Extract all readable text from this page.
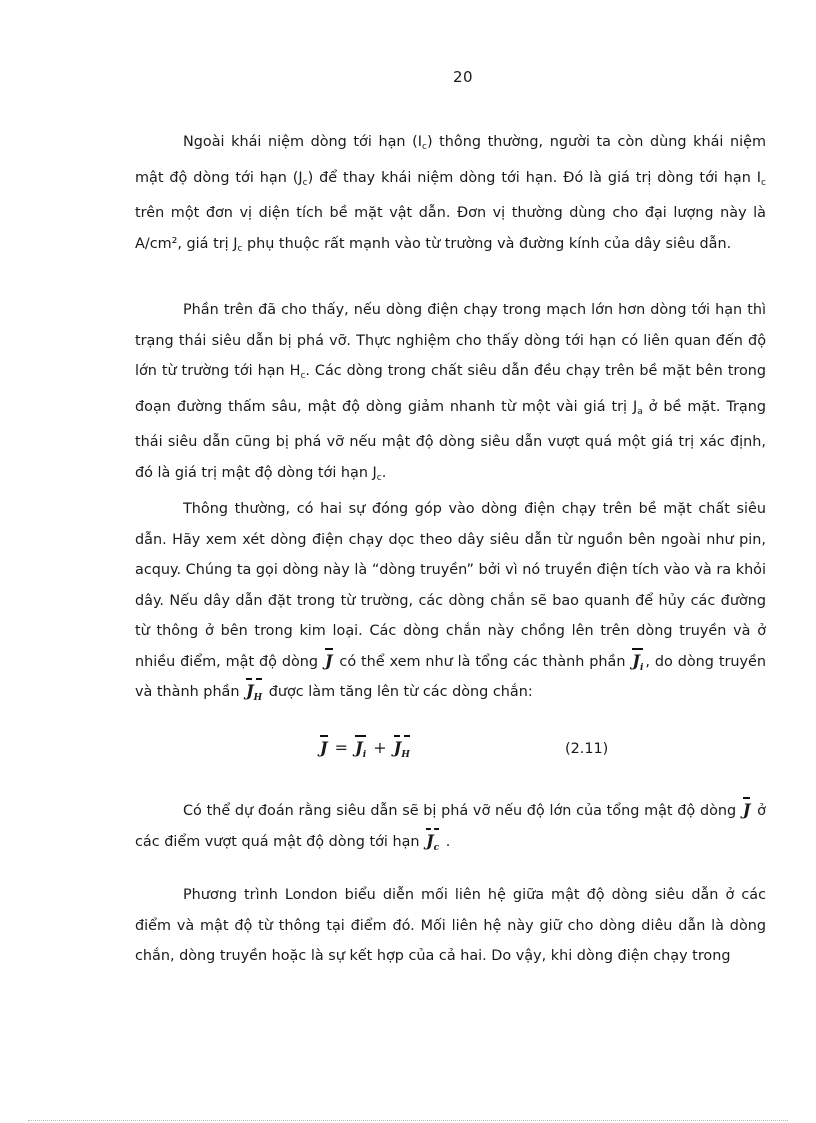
20

Ngoài khái niệm dòng tới hạn $(I_c)$ thông thường, người ta còn dùng khái niệm mật độ dòng tới hạn $(J_c)$ để thay khái niệm dòng tới hạn. Đó là giá trị dòng tới hạn $I_c$ trên một đơn vị diện tích bề mặt vật dẫn. Đơn vị thường dùng cho đại lượng này là A/cm², giá trị $J_c$ phụ thuộc rất mạnh vào từ trường và đường kính của dây siêu dẫn.

Phần trên đã cho thấy, nếu dòng điện chạy trong mạch lớn hơn dòng tới hạn thì trạng thái siêu dẫn bị phá vỡ. Thực nghiệm cho thấy dòng tới hạn có liên quan đến độ lớn từ trường tới hạn $H_c$. Các dòng trong chất siêu dẫn đều chạy trên bề mặt bên trong đoạn đường thấm sâu, mật độ dòng giảm nhanh từ một vài giá trị $J_a$ ở bề mặt. Trạng thái siêu dẫn cũng bị phá vỡ nếu mật độ dòng siêu dẫn vượt quá một giá trị xác định, đó là giá trị mật độ dòng tới hạn $J_c$.

Thông thường, có hai sự đóng góp vào dòng điện chạy trên bề mặt chất siêu dẫn. Hãy xem xét dòng điện chạy dọc theo dây siêu dẫn từ nguồn bên ngoài như pin, acquy. Chúng ta gọi dòng này là “dòng truyền” bởi vì nó truyền điện tích vào và ra khỏi dây. Nếu dây dẫn đặt trong từ trường, các dòng chắn sẽ bao quanh để hủy các đường từ thông ở bên trong kim loại. Các dòng chắn này chồng lên trên dòng truyền và ở nhiều điểm, mật độ dòng J có thể xem như là tổng các thành phần $J_i$ , do dòng truyền và thành phần $J_H$ được làm tăng lên từ các dòng chắn:

$J = J_i + J_H$	(2.11)

Có thể dự đoán rằng siêu dẫn sẽ bị phá vỡ nếu độ lớn của tổng mật độ dòng J ở các điểm vượt quá mật độ dòng tới hạn $J_c$ .

Phương trình London biểu diễn mối liên hệ giữa mật độ dòng siêu dẫn ở các điểm và mật độ từ thông tại điểm đó. Mối liên hệ này giữ cho dòng diêu dẫn là dòng chắn, dòng truyền hoặc là sự kết hợp của cả hai. Do vậy, khi dòng điện chạy trong
